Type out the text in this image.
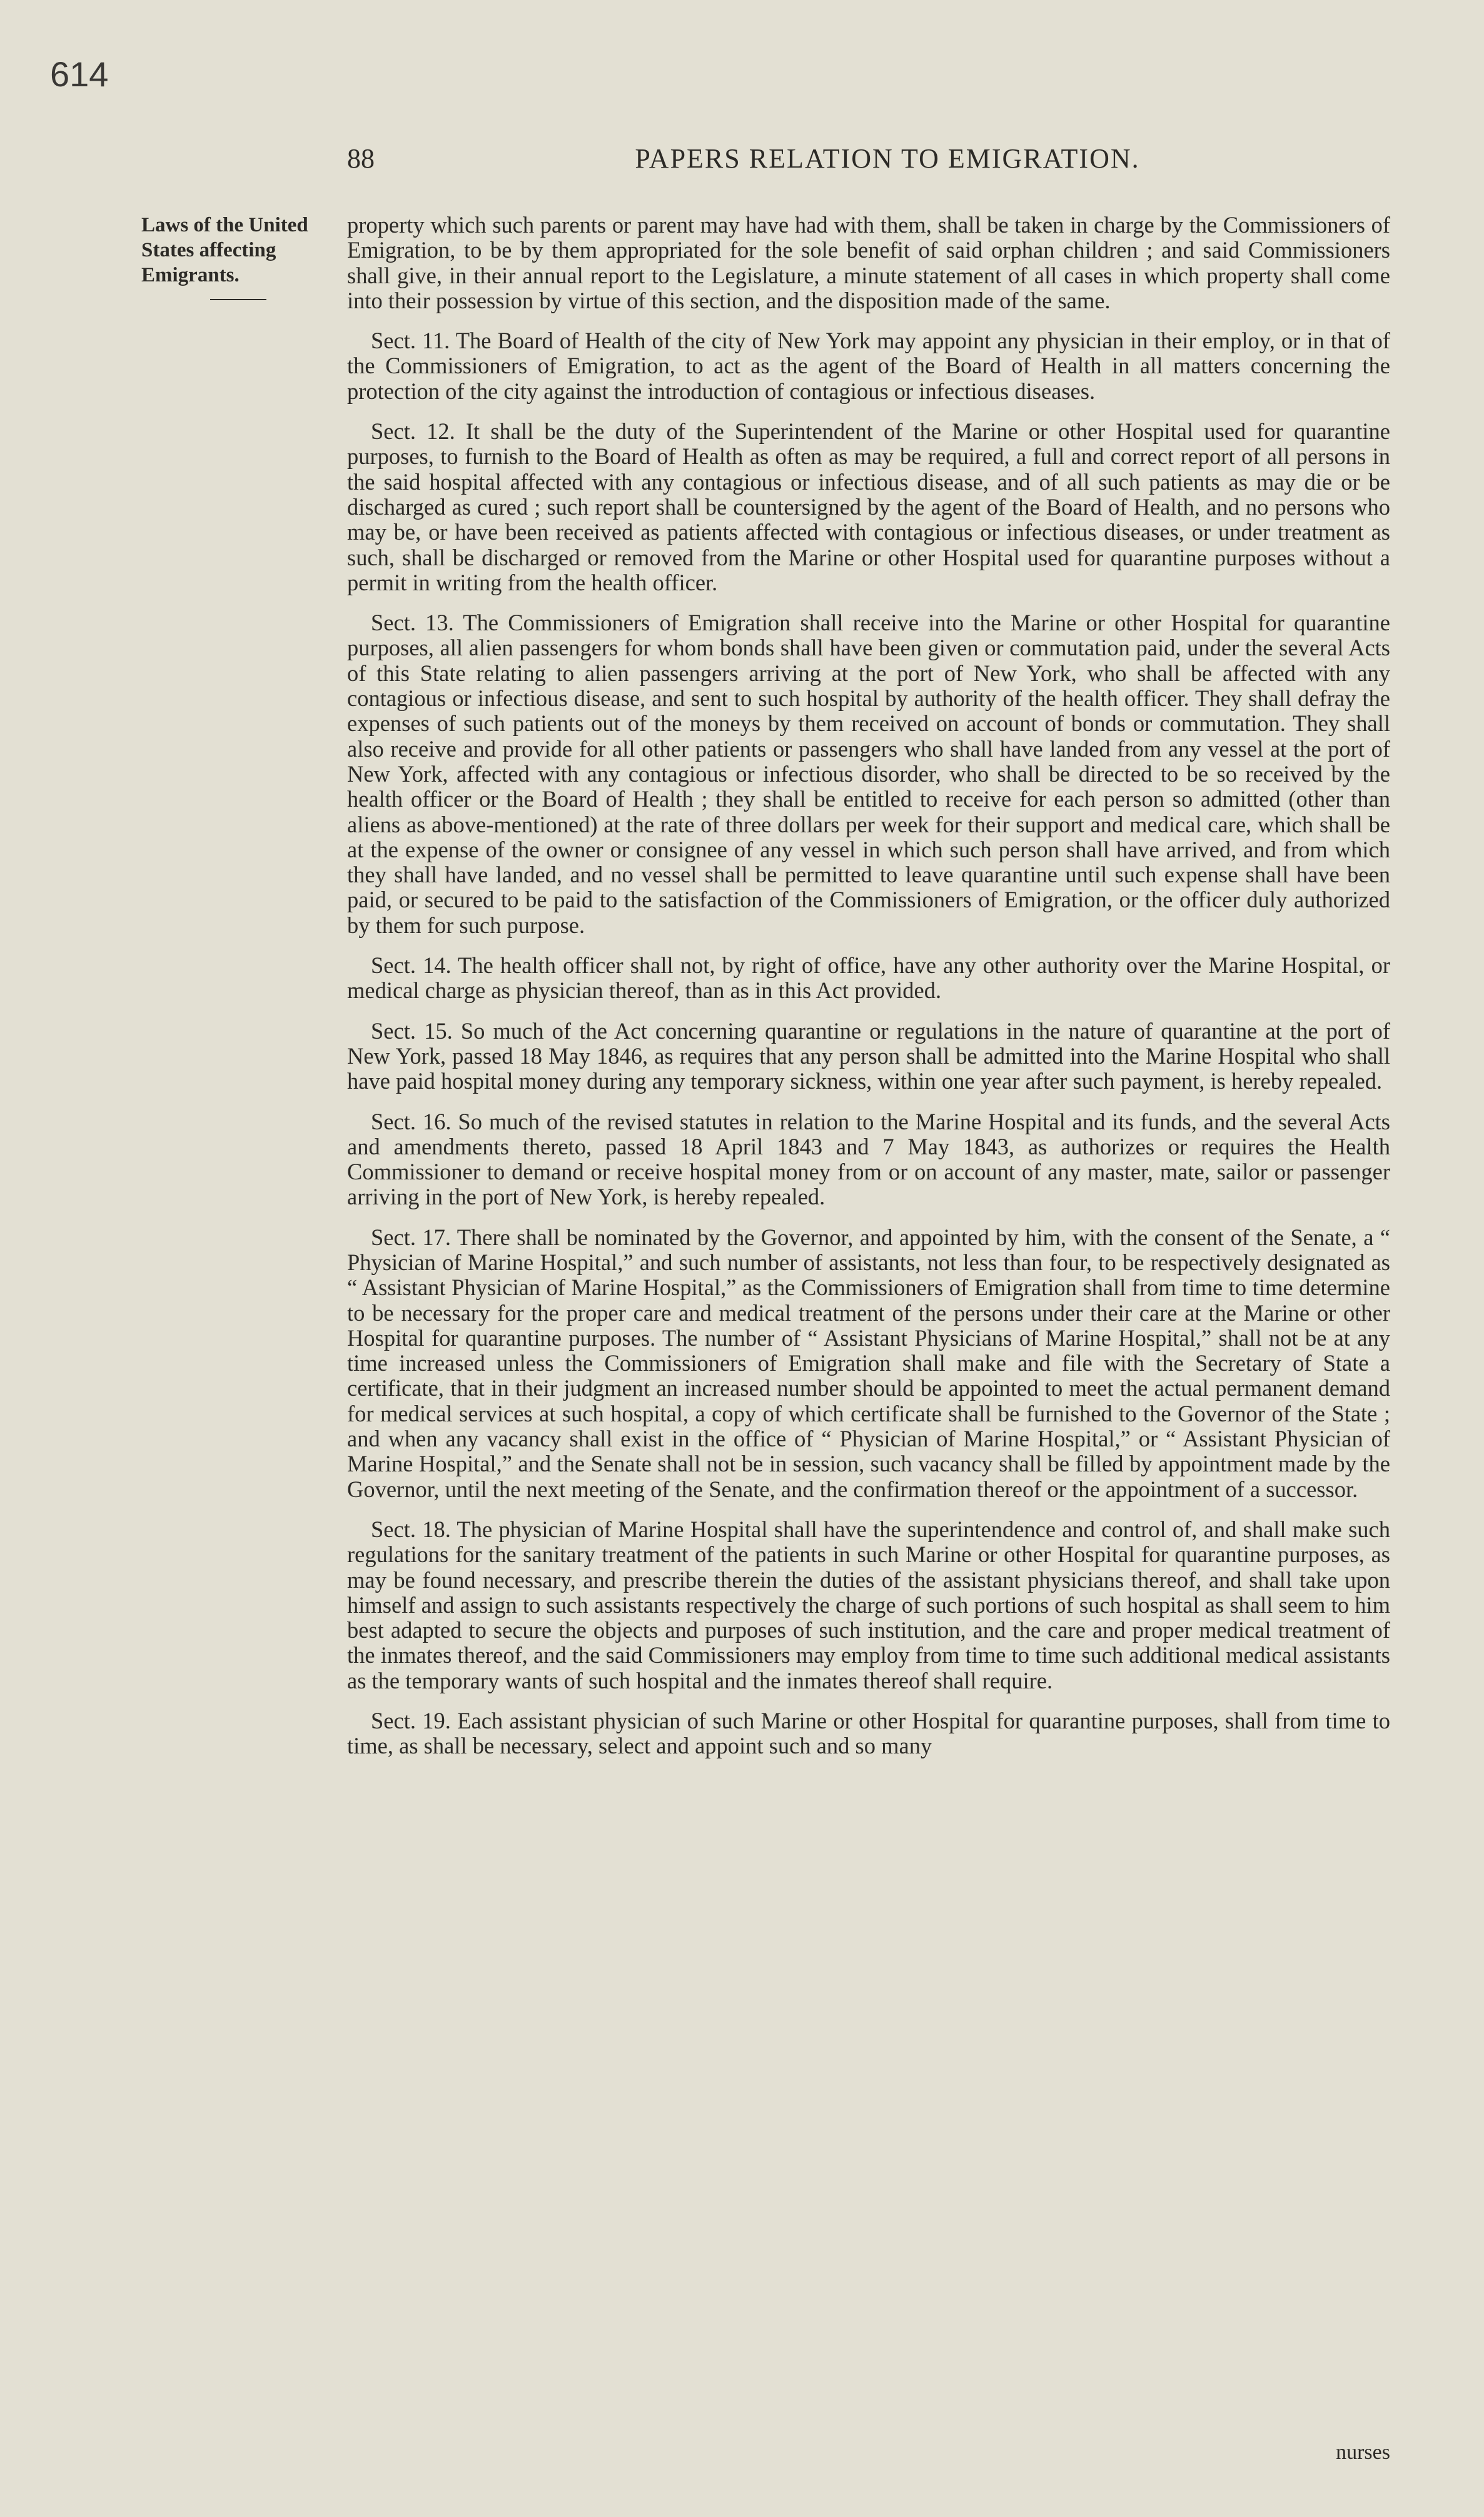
614
88	PAPERS RELATION TO EMIGRATION.
Laws of the United
States affecting
Emigrants.

property which such parents or parent may have had with them, shall be taken in charge by the Commissioners of Emigration, to be by them appropriated for the sole benefit of said orphan children ; and said Commissioners shall give, in their annual report to the Legislature, a minute statement of all cases in which property shall come into their possession by virtue of this section, and the disposition made of the same.

Sect. 11. The Board of Health of the city of New York may appoint any physician in their employ, or in that of the Commissioners of Emigration, to act as the agent of the Board of Health in all matters concerning the protection of the city against the introduction of contagious or infectious diseases.

Sect. 12. It shall be the duty of the Superintendent of the Marine or other Hospital used for quarantine purposes, to furnish to the Board of Health as often as may be required, a full and correct report of all persons in the said hospital affected with any contagious or infectious disease, and of all such patients as may die or be discharged as cured ; such report shall be countersigned by the agent of the Board of Health, and no persons who may be, or have been received as patients affected with contagious or infectious diseases, or under treatment as such, shall be discharged or removed from the Marine or other Hospital used for quarantine purposes without a permit in writing from the health officer.

Sect. 13. The Commissioners of Emigration shall receive into the Marine or other Hospital for quarantine purposes, all alien passengers for whom bonds shall have been given or commutation paid, under the several Acts of this State relating to alien passengers arriving at the port of New York, who shall be affected with any contagious or infectious disease, and sent to such hospital by authority of the health officer. They shall defray the expenses of such patients out of the moneys by them received on account of bonds or commutation. They shall also receive and provide for all other patients or passengers who shall have landed from any vessel at the port of New York, affected with any contagious or infectious disorder, who shall be directed to be so received by the health officer or the Board of Health ; they shall be entitled to receive for each person so admitted (other than aliens as above-mentioned) at the rate of three dollars per week for their support and medical care, which shall be at the expense of the owner or consignee of any vessel in which such person shall have arrived, and from which they shall have landed, and no vessel shall be permitted to leave quarantine until such expense shall have been paid, or secured to be paid to the satisfaction of the Commissioners of Emigration, or the officer duly authorized by them for such purpose.

Sect. 14. The health officer shall not, by right of office, have any other authority over the Marine Hospital, or medical charge as physician thereof, than as in this Act provided.

Sect. 15. So much of the Act concerning quarantine or regulations in the nature of quarantine at the port of New York, passed 18 May 1846, as requires that any person shall be admitted into the Marine Hospital who shall have paid hospital money during any temporary sickness, within one year after such payment, is hereby repealed.

Sect. 16. So much of the revised statutes in relation to the Marine Hospital and its funds, and the several Acts and amendments thereto, passed 18 April 1843 and 7 May 1843, as authorizes or requires the Health Commissioner to demand or receive hospital money from or on account of any master, mate, sailor or passenger arriving in the port of New York, is hereby repealed.

Sect. 17. There shall be nominated by the Governor, and appointed by him, with the consent of the Senate, a “ Physician of Marine Hospital,” and such number of assistants, not less than four, to be respectively designated as “ Assistant Physician of Marine Hospital,” as the Commissioners of Emigration shall from time to time determine to be necessary for the proper care and medical treatment of the persons under their care at the Marine or other Hospital for quarantine purposes. The number of “ Assistant Physicians of Marine Hospital,” shall not be at any time increased unless the Commissioners of Emigration shall make and file with the Secretary of State a certificate, that in their judgment an increased number should be appointed to meet the actual permanent demand for medical services at such hospital, a copy of which certificate shall be furnished to the Governor of the State ; and when any vacancy shall exist in the office of “ Physician of Marine Hospital,” or “ Assistant Physician of Marine Hospital,” and the Senate shall not be in session, such vacancy shall be filled by appointment made by the Governor, until the next meeting of the Senate, and the confirmation thereof or the appointment of a successor.

Sect. 18. The physician of Marine Hospital shall have the superintendence and control of, and shall make such regulations for the sanitary treatment of the patients in such Marine or other Hospital for quarantine purposes, as may be found necessary, and prescribe therein the duties of the assistant physicians thereof, and shall take upon himself and assign to such assistants respectively the charge of such portions of such hospital as shall seem to him best adapted to secure the objects and purposes of such institution, and the care and proper medical treatment of the inmates thereof, and the said Commissioners may employ from time to time such additional medical assistants as the temporary wants of such hospital and the inmates thereof shall require.

Sect. 19. Each assistant physician of such Marine or other Hospital for quarantine purposes, shall from time to time, as shall be necessary, select and appoint such and so many

nurses
